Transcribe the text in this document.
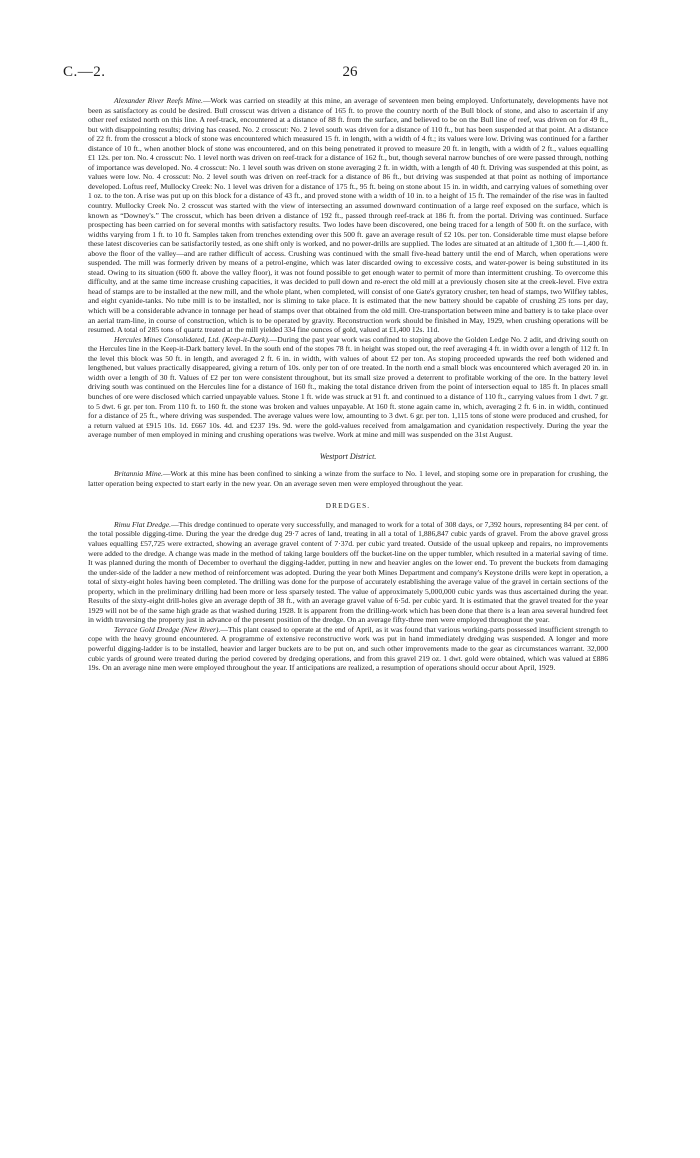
C.—2.	26

Alexander River Reefs Mine.—Work was carried on steadily at this mine, an average of seventeen men being employed. Unfortunately, developments have not been as satisfactory as could be desired. Bull crosscut was driven a distance of 165 ft. to prove the country north of the Bull block of stone, and also to ascertain if any other reef existed north on this line. A reef-track, encountered at a distance of 88 ft. from the surface, and believed to be on the Bull line of reef, was driven on for 49 ft., but with disappointing results; driving has ceased. No. 2 crosscut: No. 2 level south was driven for a distance of 110 ft., but has been suspended at that point. At a distance of 22 ft. from the crosscut a block of stone was encountered which measured 15 ft. in length, with a width of 4 ft.; its values were low. Driving was continued for a farther distance of 10 ft., when another block of stone was encountered, and on this being penetrated it proved to measure 20 ft. in length, with a width of 2 ft., values equalling £1 12s. per ton. No. 4 crosscut: No. 1 level north was driven on reef-track for a distance of 162 ft., but, though several narrow bunches of ore were passed through, nothing of importance was developed. No. 4 crosscut: No. 1 level south was driven on stone averaging 2 ft. in width, with a length of 40 ft. Driving was suspended at this point, as values were low. No. 4 crosscut: No. 2 level south was driven on reef-track for a distance of 86 ft., but driving was suspended at that point as nothing of importance developed. Loftus reef, Mullocky Creek: No. 1 level was driven for a distance of 175 ft., 95 ft. being on stone about 15 in. in width, and carrying values of something over 1 oz. to the ton. A rise was put up on this block for a distance of 43 ft., and proved stone with a width of 10 in. to a height of 15 ft. The remainder of the rise was in faulted country. Mullocky Creek No. 2 crosscut was started with the view of intersecting an assumed downward continuation of a large reef exposed on the surface, which is known as “Downey's.” The crosscut, which has been driven a distance of 192 ft., passed through reef-track at 186 ft. from the portal. Driving was continued. Surface prospecting has been carried on for several months with satisfactory results. Two lodes have been discovered, one being traced for a length of 500 ft. on the surface, with widths varying from 1 ft. to 10 ft. Samples taken from trenches extending over this 500 ft. gave an average result of £2 10s. per ton. Considerable time must elapse before these latest discoveries can be satisfactorily tested, as one shift only is worked, and no power-drills are supplied. The lodes are situated at an altitude of 1,300 ft.—1,400 ft. above the floor of the valley—and are rather difficult of access. Crushing was continued with the small five-head battery until the end of March, when operations were suspended. The mill was formerly driven by means of a petrol-engine, which was later discarded owing to excessive costs, and water-power is being substituted in its stead. Owing to its situation (600 ft. above the valley floor), it was not found possible to get enough water to permit of more than intermittent crushing. To overcome this difficulty, and at the same time increase crushing capacities, it was decided to pull down and re-erect the old mill at a previously chosen site at the creek-level. Five extra head of stamps are to be installed at the new mill, and the whole plant, when completed, will consist of one Gate's gyratory crusher, ten head of stamps, two Wilfley tables, and eight cyanide-tanks. No tube mill is to be installed, nor is sliming to take place. It is estimated that the new battery should be capable of crushing 25 tons per day, which will be a considerable advance in tonnage per head of stamps over that obtained from the old mill. Ore-transportation between mine and battery is to take place over an aerial tram-line, in course of construction, which is to be operated by gravity. Reconstruction work should be finished in May, 1929, when crushing operations will be resumed. A total of 285 tons of quartz treated at the mill yielded 334 fine ounces of gold, valued at £1,400 12s. 11d.

Hercules Mines Consolidated, Ltd. (Keep-it-Dark).—During the past year work was confined to stoping above the Golden Ledge No. 2 adit, and driving south on the Hercules line in the Keep-it-Dark battery level. In the south end of the stopes 78 ft. in height was stoped out, the reef averaging 4 ft. in width over a length of 112 ft. In the level this block was 50 ft. in length, and averaged 2 ft. 6 in. in width, with values of about £2 per ton. As stoping proceeded upwards the reef both widened and lengthened, but values practically disappeared, giving a return of 10s. only per ton of ore treated. In the north end a small block was encountered which averaged 20 in. in width over a length of 30 ft. Values of £2 per ton were consistent throughout, but its small size proved a deterrent to profitable working of the ore. In the battery level driving south was continued on the Hercules line for a distance of 160 ft., making the total distance driven from the point of intersection equal to 185 ft. In places small bunches of ore were disclosed which carried unpayable values. Stone 1 ft. wide was struck at 91 ft. and continued to a distance of 110 ft., carrying values from 1 dwt. 7 gr. to 5 dwt. 6 gr. per ton. From 110 ft. to 160 ft. the stone was broken and values unpayable. At 160 ft. stone again came in, which, averaging 2 ft. 6 in. in width, continued for a distance of 25 ft., where driving was suspended. The average values were low, amounting to 3 dwt. 6 gr. per ton. 1,115 tons of stone were produced and crushed, for a return valued at £915 10s. 1d. £667 10s. 4d. and £237 19s. 9d. were the gold-values received from amalgamation and cyanidation respectively. During the year the average number of men employed in mining and crushing operations was twelve. Work at mine and mill was suspended on the 31st August.

Westport District.

Britannia Mine.—Work at this mine has been confined to sinking a winze from the surface to No. 1 level, and stoping some ore in preparation for crushing, the latter operation being expected to start early in the new year. On an average seven men were employed throughout the year.

DREDGES.

Rimu Flat Dredge.—This dredge continued to operate very successfully, and managed to work for a total of 308 days, or 7,392 hours, representing 84 per cent. of the total possible digging-time. During the year the dredge dug 29·7 acres of land, treating in all a total of 1,886,847 cubic yards of gravel. From the above gravel gross values equalling £57,725 were extracted, showing an average gravel content of 7·37d. per cubic yard treated. Outside of the usual upkeep and repairs, no improvements were added to the dredge. A change was made in the method of taking large boulders off the bucket-line on the upper tumbler, which resulted in a material saving of time. It was planned during the month of December to overhaul the digging-ladder, putting in new and heavier angles on the lower end. To prevent the buckets from damaging the under-side of the ladder a new method of reinforcement was adopted. During the year both Mines Department and company's Keystone drills were kept in operation, a total of sixty-eight holes having been completed. The drilling was done for the purpose of accurately establishing the average value of the gravel in certain sections of the property, which in the preliminary drilling had been more or less sparsely tested. The value of approximately 5,000,000 cubic yards was thus ascertained during the year. Results of the sixty-eight drill-holes give an average depth of 38 ft., with an average gravel value of 6·5d. per cubic yard. It is estimated that the gravel treated for the year 1929 will not be of the same high grade as that washed during 1928. It is apparent from the drilling-work which has been done that there is a lean area several hundred feet in width traversing the property just in advance of the present position of the dredge. On an average fifty-three men were employed throughout the year.

Terrace Gold Dredge (New River).—This plant ceased to operate at the end of April, as it was found that various working-parts possessed insufficient strength to cope with the heavy ground encountered. A programme of extensive reconstructive work was put in hand immediately dredging was suspended. A longer and more powerful digging-ladder is to be installed, heavier and larger buckets are to be put on, and such other improvements made to the gear as circumstances warrant. 32,000 cubic yards of ground were treated during the period covered by dredging operations, and from this gravel 219 oz. 1 dwt. gold were obtained, which was valued at £886 19s. On an average nine men were employed throughout the year. If anticipations are realized, a resumption of operations should occur about April, 1929.
